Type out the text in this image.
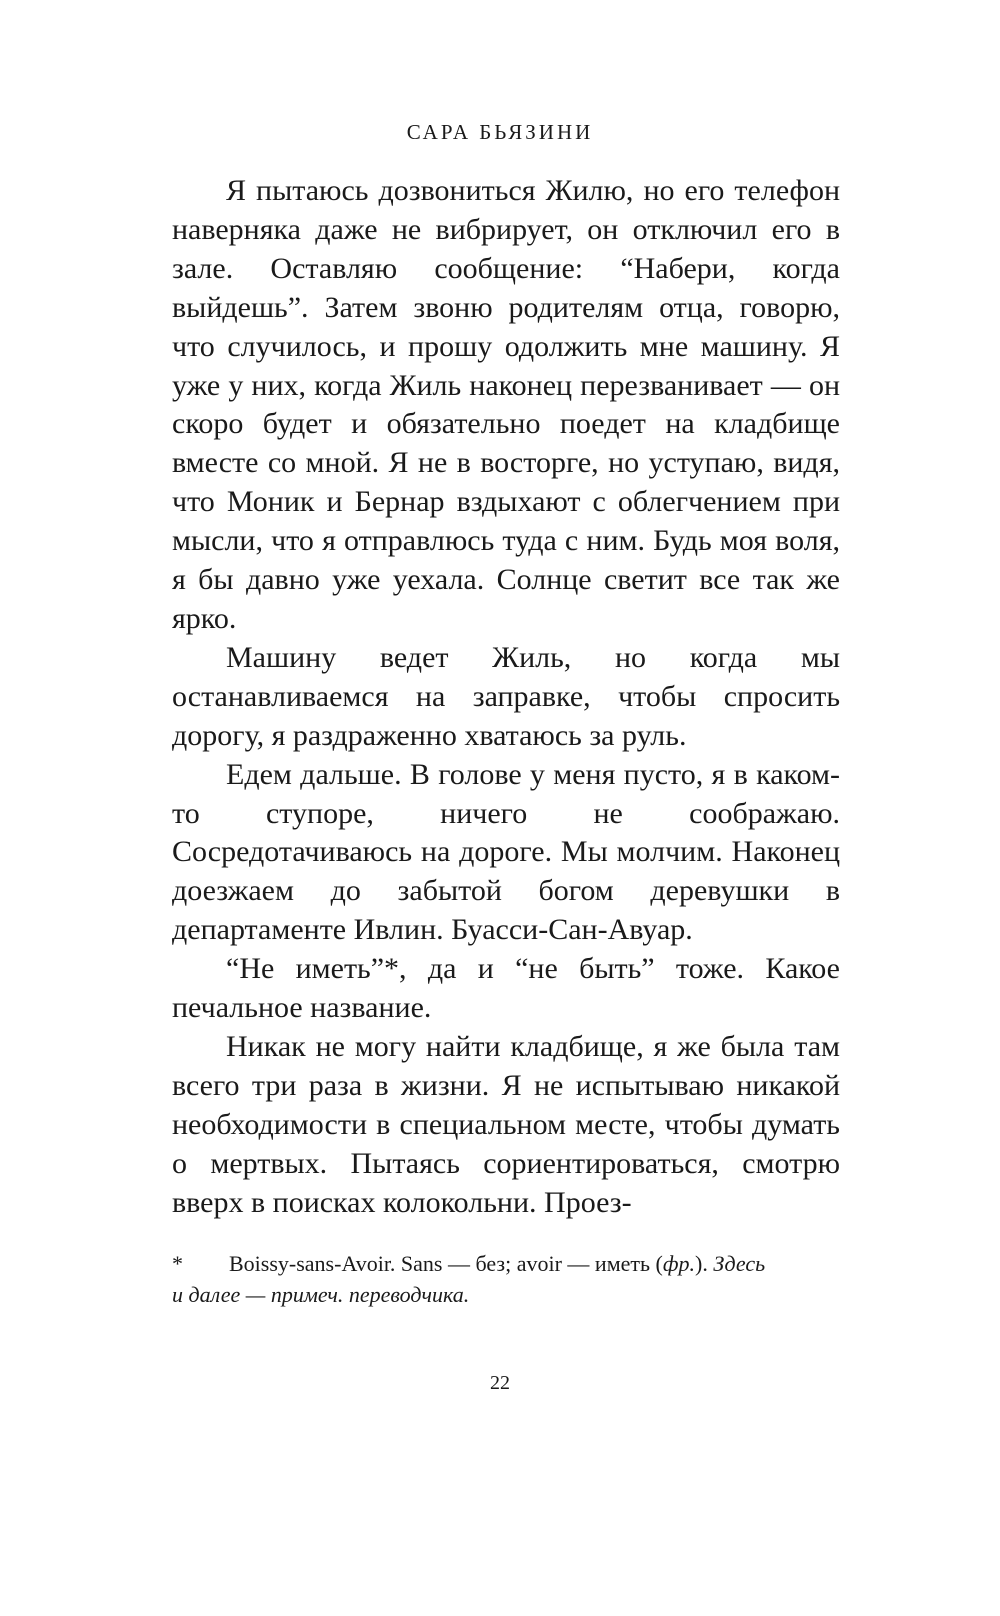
САРА БЬЯЗИНИ

Я пытаюсь дозвониться Жилю, но его телефон наверняка даже не вибрирует, он отключил его в зале. Оставляю сообщение: “Набери, когда выйдешь”. Затем звоню родителям отца, говорю, что случилось, и прошу одолжить мне машину. Я уже у них, когда Жиль наконец перезванивает — он скоро будет и обязательно поедет на кладбище вместе со мной. Я не в восторге, но уступаю, видя, что Моник и Бернар вздыхают с облегчением при мысли, что я отправлюсь туда с ним. Будь моя воля, я бы давно уже уехала. Солнце светит все так же ярко.

Машину ведет Жиль, но когда мы останавливаемся на заправке, чтобы спросить дорогу, я раздраженно хватаюсь за руль.

Едем дальше. В голове у меня пусто, я в каком-то ступоре, ничего не соображаю. Сосредотачиваюсь на дороге. Мы молчим. Наконец доезжаем до забытой богом деревушки в департаменте Ивлин. Буасси-Сан-Авуар.

“Не иметь”*, да и “не быть” тоже. Какое печальное название.

Никак не могу найти кладбище, я же была там всего три раза в жизни. Я не испытываю никакой необходимости в специальном месте, чтобы думать о мертвых. Пытаясь сориентироваться, смотрю вверх в поисках колокольни. Проез-

* Boissy-sans-Avoir. Sans — без; avoir — иметь (фр.). Здесь
и далее — примеч. переводчика.
22
